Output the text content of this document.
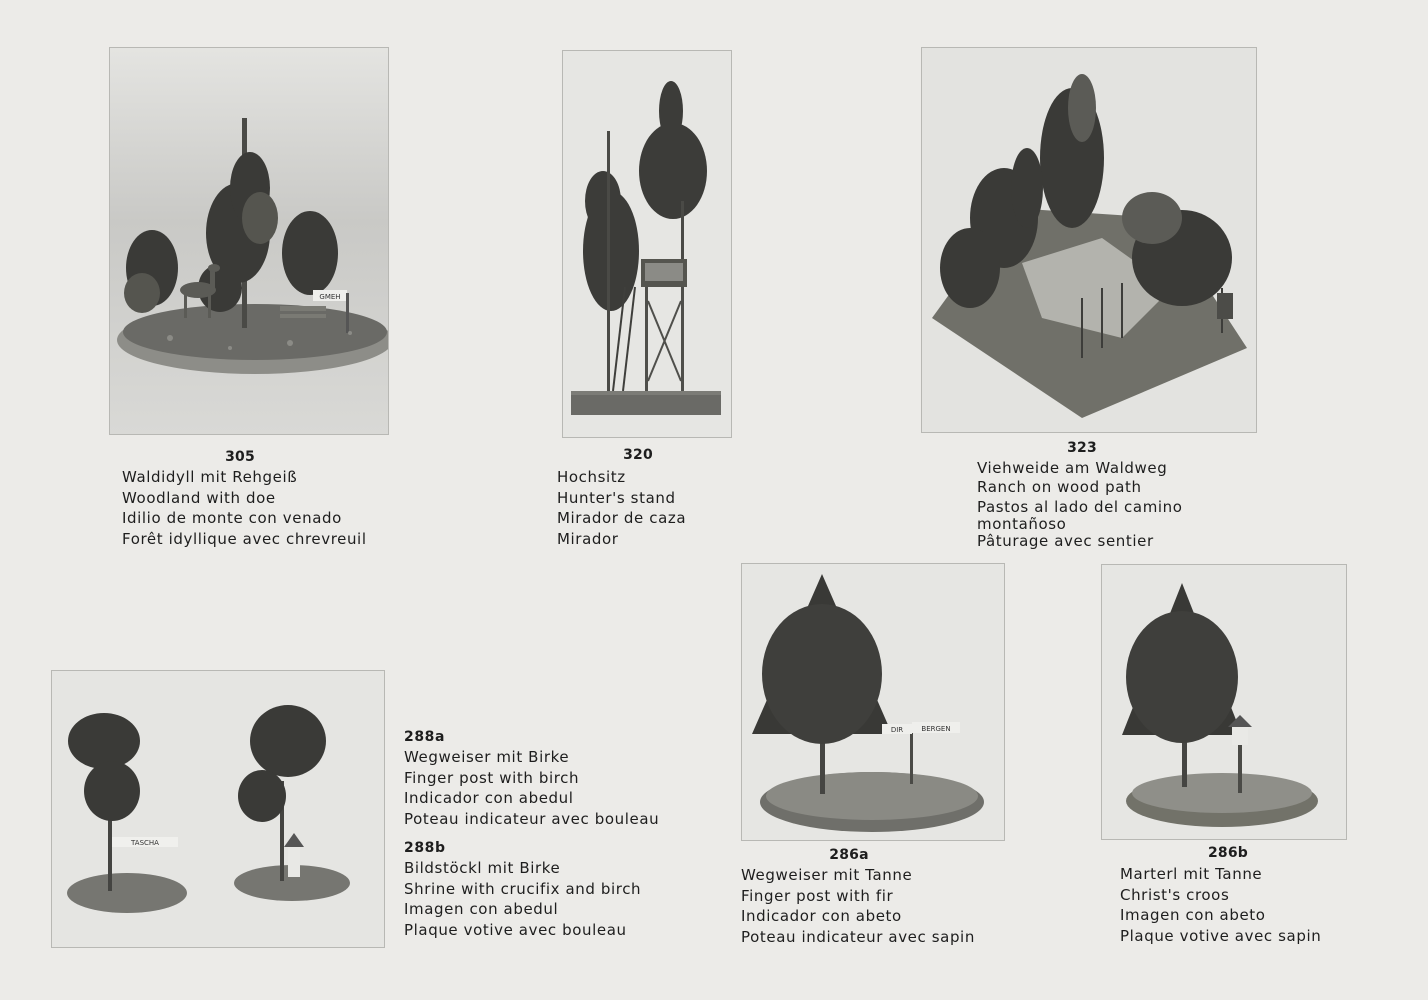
GMEH
305
Waldidyll mit Rehgeiß
Woodland with doe
Idilio de monte con venado
Forêt idyllique avec chrevreuil
320
Hochsitz
Hunter's stand
Mirador de caza
Mirador
323
Viehweide am Waldweg
Ranch on wood path
Pastos al lado del camino
montañoso
Pâturage avec sentier
TASCHA
288a
Wegweiser mit Birke
Finger post with birch
Indicador con abedul
Poteau indicateur avec bouleau
288b
Bildstöckl mit Birke
Shrine with crucifix and birch
Imagen con abedul
Plaque votive avec bouleau
DIR	BERGEN
286a
Wegweiser mit Tanne
Finger post with fir
Indicador con abeto
Poteau indicateur avec sapin
286b
Marterl mit Tanne
Christ's croos
Imagen con abeto
Plaque votive avec sapin
